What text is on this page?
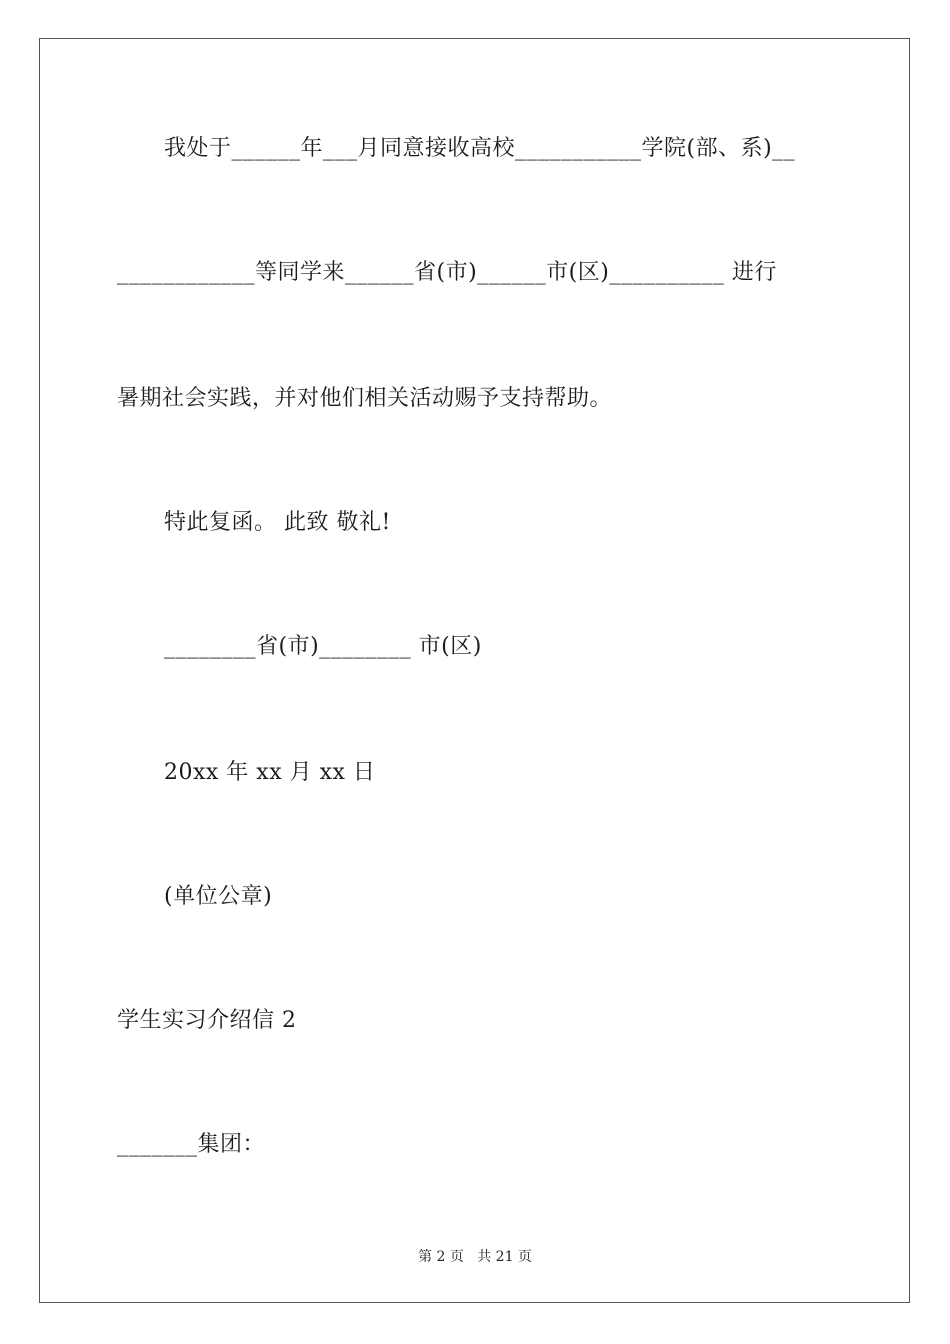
我处于______年___月同意接收高校___________学院(部、系)__
____________等同学来______省(市)______市(区)__________ 进行
暑期社会实践，并对他们相关活动赐予支持帮助。
特此复函。 此致 敬礼!
________省(市)________ 市(区)
20xx 年 xx 月 xx 日
(单位公章)
学生实习介绍信 2
_______集团：
第 2 页   共 21 页
